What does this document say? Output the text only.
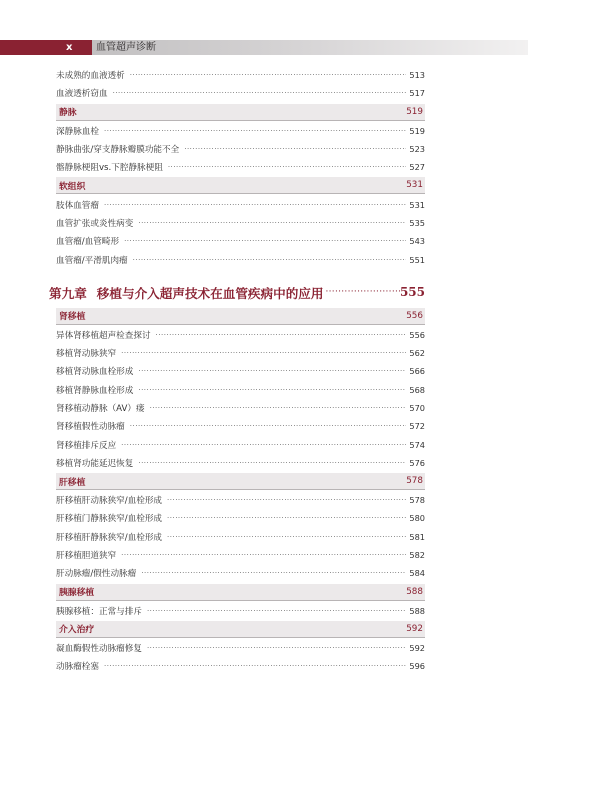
x 血管超声诊断
未成熟的血液透析 ·····	513
血液透析窃血 ·····	517
静脉	519
深静脉血栓 ·····	519
静脉曲张/穿支静脉瓣膜功能不全 ·····	523
髂静脉梗阻vs.下腔静脉梗阻 ·····	527
软组织	531
肢体血管瘤 ·····	531
血管扩张或炎性病变 ·····	535
血管瘤/血管畸形 ·····	543
血管瘤/平滑肌肉瘤 ·····	551
第九章 移植与介入超声技术在血管疾病中的应用 ·····	555
肾移植	556
异体肾移植超声检查探讨 ·····	556
移植肾动脉狭窄 ·····	562
移植肾动脉血栓形成 ·····	566
移植肾静脉血栓形成 ·····	568
肾移植动静脉（AV）瘘 ·····	570
肾移植假性动脉瘤 ·····	572
肾移植排斥反应 ·····	574
移植肾功能延迟恢复 ·····	576
肝移植	578
肝移植肝动脉狭窄/血栓形成 ·····	578
肝移植门静脉狭窄/血栓形成 ·····	580
肝移植肝静脉狭窄/血栓形成 ·····	581
肝移植胆道狭窄 ·····	582
肝动脉瘤/假性动脉瘤 ·····	584
胰腺移植	588
胰腺移植：正常与排斥 ·····	588
介入治疗	592
凝血酶假性动脉瘤修复 ·····	592
动脉瘤栓塞 ·····	596
